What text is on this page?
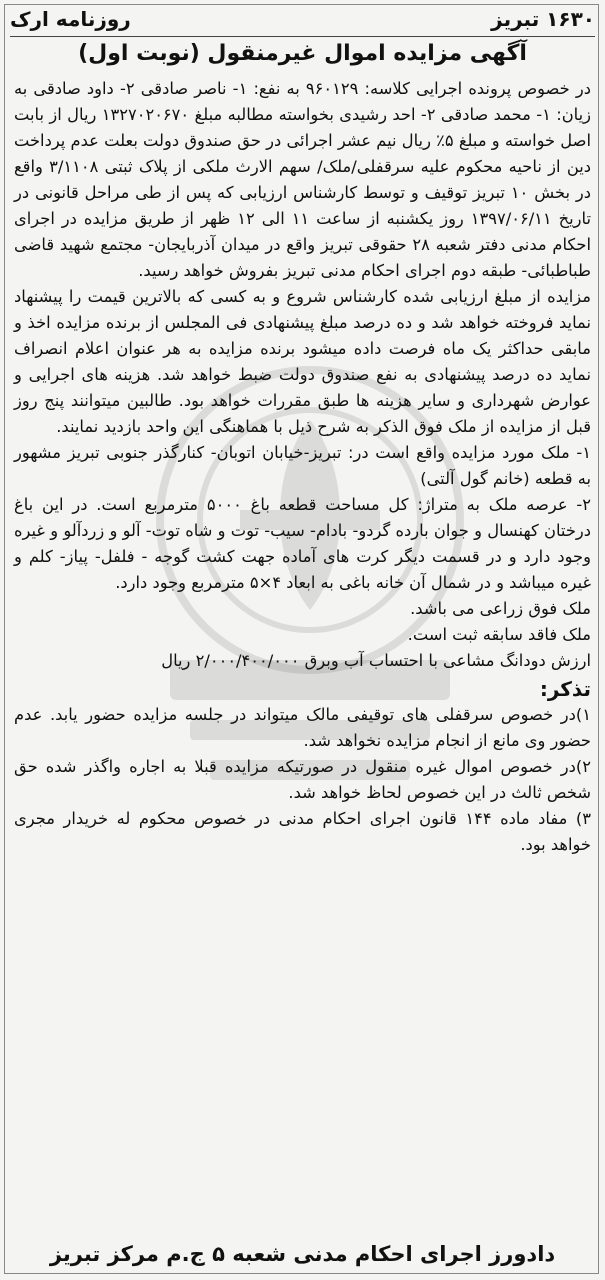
۱۶۳۰ تبریز
روزنامه ارک
آگهی مزایده اموال غیرمنقول (نوبت اول)

در خصوص پرونده اجرایی کلاسه: ۹۶۰۱۲۹ به نفع: ۱- ناصر صادقی ۲- داود صادقی به زیان: ۱- محمد صادقی ۲- احد رشیدی بخواسته مطالبه مبلغ ۱۳۲۷۰۲۰۶۷۰ ریال از بابت اصل خواسته و مبلغ ۵٪ ریال نیم عشر اجرائی در حق صندوق دولت بعلت عدم پرداخت دین از ناحیه محکوم علیه سرقفلی/ملک/ سهم الارث ملکی از پلاک ثبتی ۳/۱۱۰۸ واقع در بخش ۱۰ تبریز توقیف و توسط کارشناس ارزیابی که پس از طی مراحل قانونی در تاریخ ۱۳۹۷/۰۶/۱۱ روز یکشنبه از ساعت ۱۱ الی ۱۲ ظهر از طریق مزایده در اجرای احکام مدنی دفتر شعبه ۲۸ حقوقی تبریز واقع در میدان آذربایجان- مجتمع شهید قاضی طباطبائی- طبقه دوم اجرای احکام مدنی تبریز بفروش خواهد رسید.

مزایده از مبلغ ارزیابی شده کارشناس شروع و به کسی که بالاترین قیمت را پیشنهاد نماید فروخته خواهد شد و ده درصد مبلغ پیشنهادی فی المجلس از برنده مزایده اخذ و مابقی حداکثر یک ماه فرصت داده میشود برنده مزایده به هر عنوان اعلام انصراف نماید ده درصد پیشنهادی به نفع صندوق دولت ضبط خواهد شد. هزینه های اجرایی و عوارض شهرداری و سایر هزینه ها طبق مقررات خواهد بود. طالبین میتوانند پنج روز قبل از مزایده از ملک فوق الذکر به شرح ذیل با هماهنگی این واحد بازدید نمایند.

۱- ملک مورد مزایده واقع است در: تبریز-خیابان اتوبان- کنارگذر جنوبی تبریز مشهور به قطعه (خانم گول آلتی)

۲- عرصه ملک به متراژ: کل مساحت قطعه باغ ۵۰۰۰ مترمربع است. در این باغ درختان کهنسال و جوان بارده گردو- بادام- سیب- توت و شاه توت- آلو و زردآلو و غیره وجود دارد و در قسمت دیگر کرت های آماده جهت کشت گوجه - فلفل- پیاز- کلم و غیره میباشد و در شمال آن خانه باغی به ابعاد ۴×۵ مترمربع وجود دارد.

ملک فوق زراعی می باشد.

ملک فاقد سابقه ثبت است.

ارزش دودانگ مشاعی با احتساب آب وبرق ۲/۰۰۰/۴۰۰/۰۰۰ ریال

تذکر:

۱)در خصوص سرقفلی های توقیفی مالک میتواند در جلسه مزایده حضور یابد. عدم حضور وی مانع از انجام مزایده نخواهد شد.

۲)در خصوص اموال غیره منقول در صورتیکه مزایده قبلا به اجاره واگذر شده حق شخص ثالث در این خصوص لحاظ خواهد شد.

۳) مفاد ماده ۱۴۴ قانون اجرای احکام مدنی در خصوص محکوم له خریدار مجری خواهد بود.

دادورز اجرای احکام مدنی شعبه ۵ ج.م مرکز تبریز
